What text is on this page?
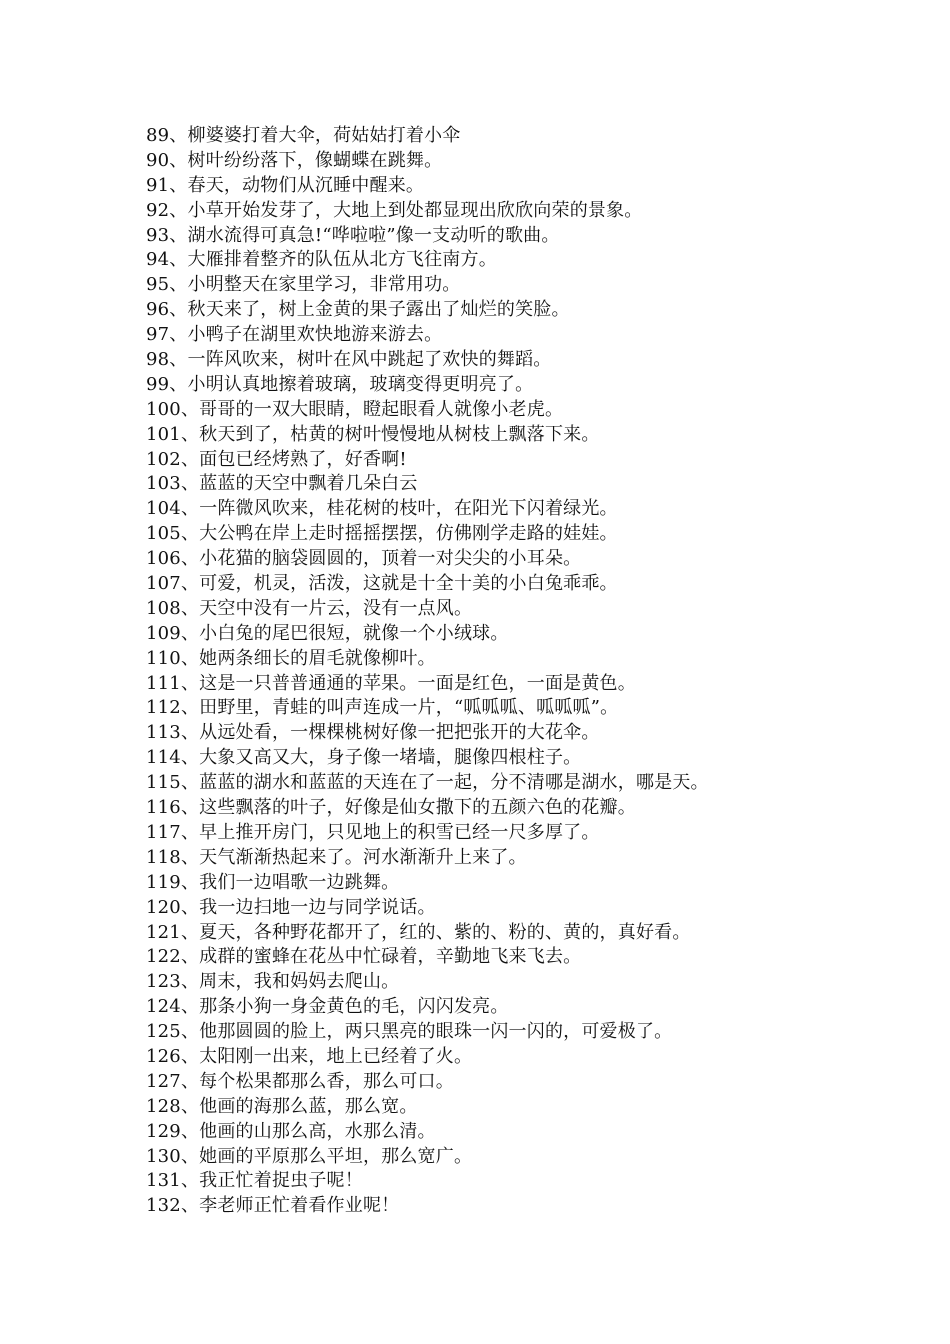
89、柳婆婆打着大伞，荷姑姑打着小伞
90、树叶纷纷落下，像蝴蝶在跳舞。
91、春天，动物们从沉睡中醒来。
92、小草开始发芽了，大地上到处都显现出欣欣向荣的景象。
93、湖水流得可真急!“哗啦啦”像一支动听的歌曲。
94、大雁排着整齐的队伍从北方飞往南方。
95、小明整天在家里学习，非常用功。
96、秋天来了，树上金黄的果子露出了灿烂的笑脸。
97、小鸭子在湖里欢快地游来游去。
98、一阵风吹来，树叶在风中跳起了欢快的舞蹈。
99、小明认真地擦着玻璃，玻璃变得更明亮了。
100、哥哥的一双大眼睛，瞪起眼看人就像小老虎。
101、秋天到了，枯黄的树叶慢慢地从树枝上飘落下来。
102、面包已经烤熟了，好香啊!
103、蓝蓝的天空中飘着几朵白云
104、一阵微风吹来，桂花树的枝叶，在阳光下闪着绿光。
105、大公鸭在岸上走时摇摇摆摆，仿佛刚学走路的娃娃。
106、小花猫的脑袋圆圆的，顶着一对尖尖的小耳朵。
107、可爱，机灵，活泼，这就是十全十美的小白兔乖乖。
108、天空中没有一片云，没有一点风。
109、小白兔的尾巴很短，就像一个小绒球。
110、她两条细长的眉毛就像柳叶。
111、这是一只普普通通的苹果。一面是红色，一面是黄色。
112、田野里，青蛙的叫声连成一片，“呱呱呱、呱呱呱”。
113、从远处看，一棵棵桃树好像一把把张开的大花伞。
114、大象又高又大，身子像一堵墙，腿像四根柱子。
115、蓝蓝的湖水和蓝蓝的天连在了一起，分不清哪是湖水，哪是天。
116、这些飘落的叶子，好像是仙女撒下的五颜六色的花瓣。
117、早上推开房门，只见地上的积雪已经一尺多厚了。
118、天气渐渐热起来了。河水渐渐升上来了。
119、我们一边唱歌一边跳舞。
120、我一边扫地一边与同学说话。
121、夏天，各种野花都开了，红的、紫的、粉的、黄的，真好看。
122、成群的蜜蜂在花丛中忙碌着，辛勤地飞来飞去。
123、周末，我和妈妈去爬山。
124、那条小狗一身金黄色的毛，闪闪发亮。
125、他那圆圆的脸上，两只黑亮的眼珠一闪一闪的，可爱极了。
126、太阳刚一出来，地上已经着了火。
127、每个松果都那么香，那么可口。
128、他画的海那么蓝，那么宽。
129、他画的山那么高，水那么清。
130、她画的平原那么平坦，那么宽广。
131、我正忙着捉虫子呢！
132、李老师正忙着看作业呢！
